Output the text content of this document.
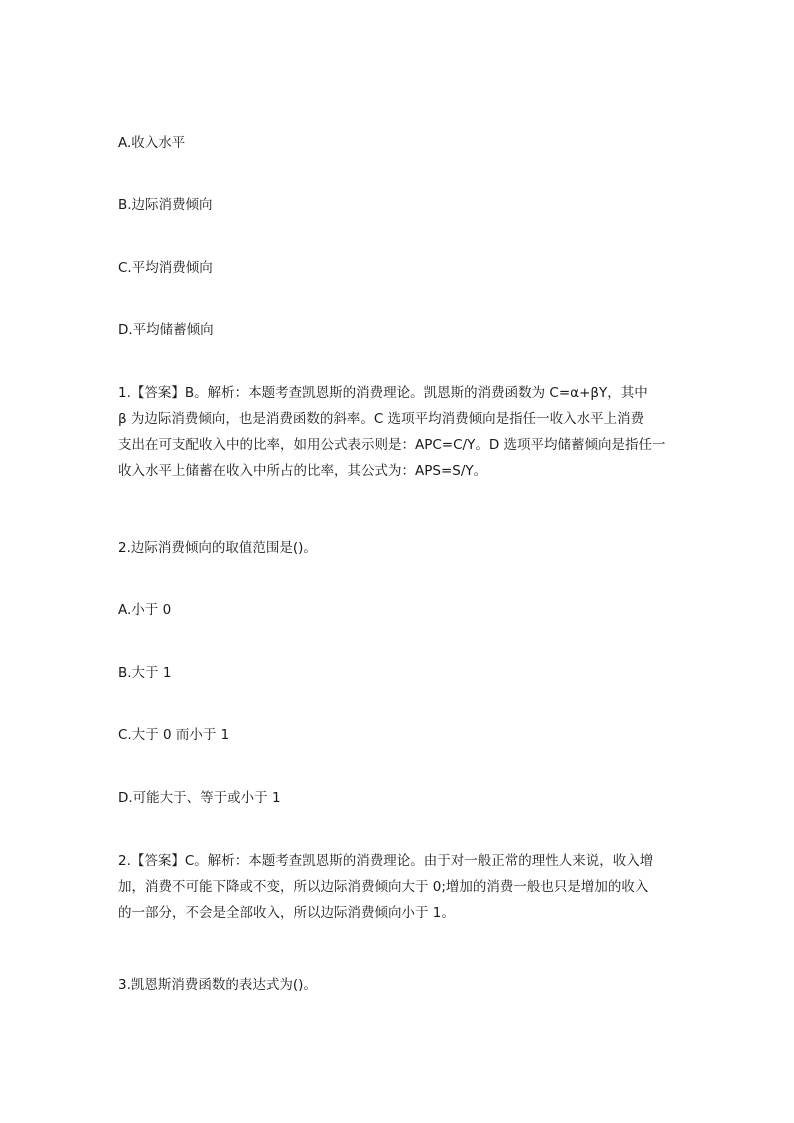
A.收入水平
B.边际消费倾向
C.平均消费倾向
D.平均储蓄倾向
1.【答案】B。解析：本题考查凯恩斯的消费理论。凯恩斯的消费函数为 C=α+βY，其中
β 为边际消费倾向，也是消费函数的斜率。C 选项平均消费倾向是指任一收入水平上消费
支出在可支配收入中的比率，如用公式表示则是：APC=C/Y。D 选项平均储蓄倾向是指任一
收入水平上储蓄在收入中所占的比率，其公式为：APS=S/Y。
2.边际消费倾向的取值范围是()。
A.小于 0
B.大于 1
C.大于 0 而小于 1
D.可能大于、等于或小于 1
2.【答案】C。解析：本题考查凯恩斯的消费理论。由于对一般正常的理性人来说，收入增
加，消费不可能下降或不变，所以边际消费倾向大于 0;增加的消费一般也只是增加的收入
的一部分，不会是全部收入，所以边际消费倾向小于 1。
3.凯恩斯消费函数的表达式为()。
